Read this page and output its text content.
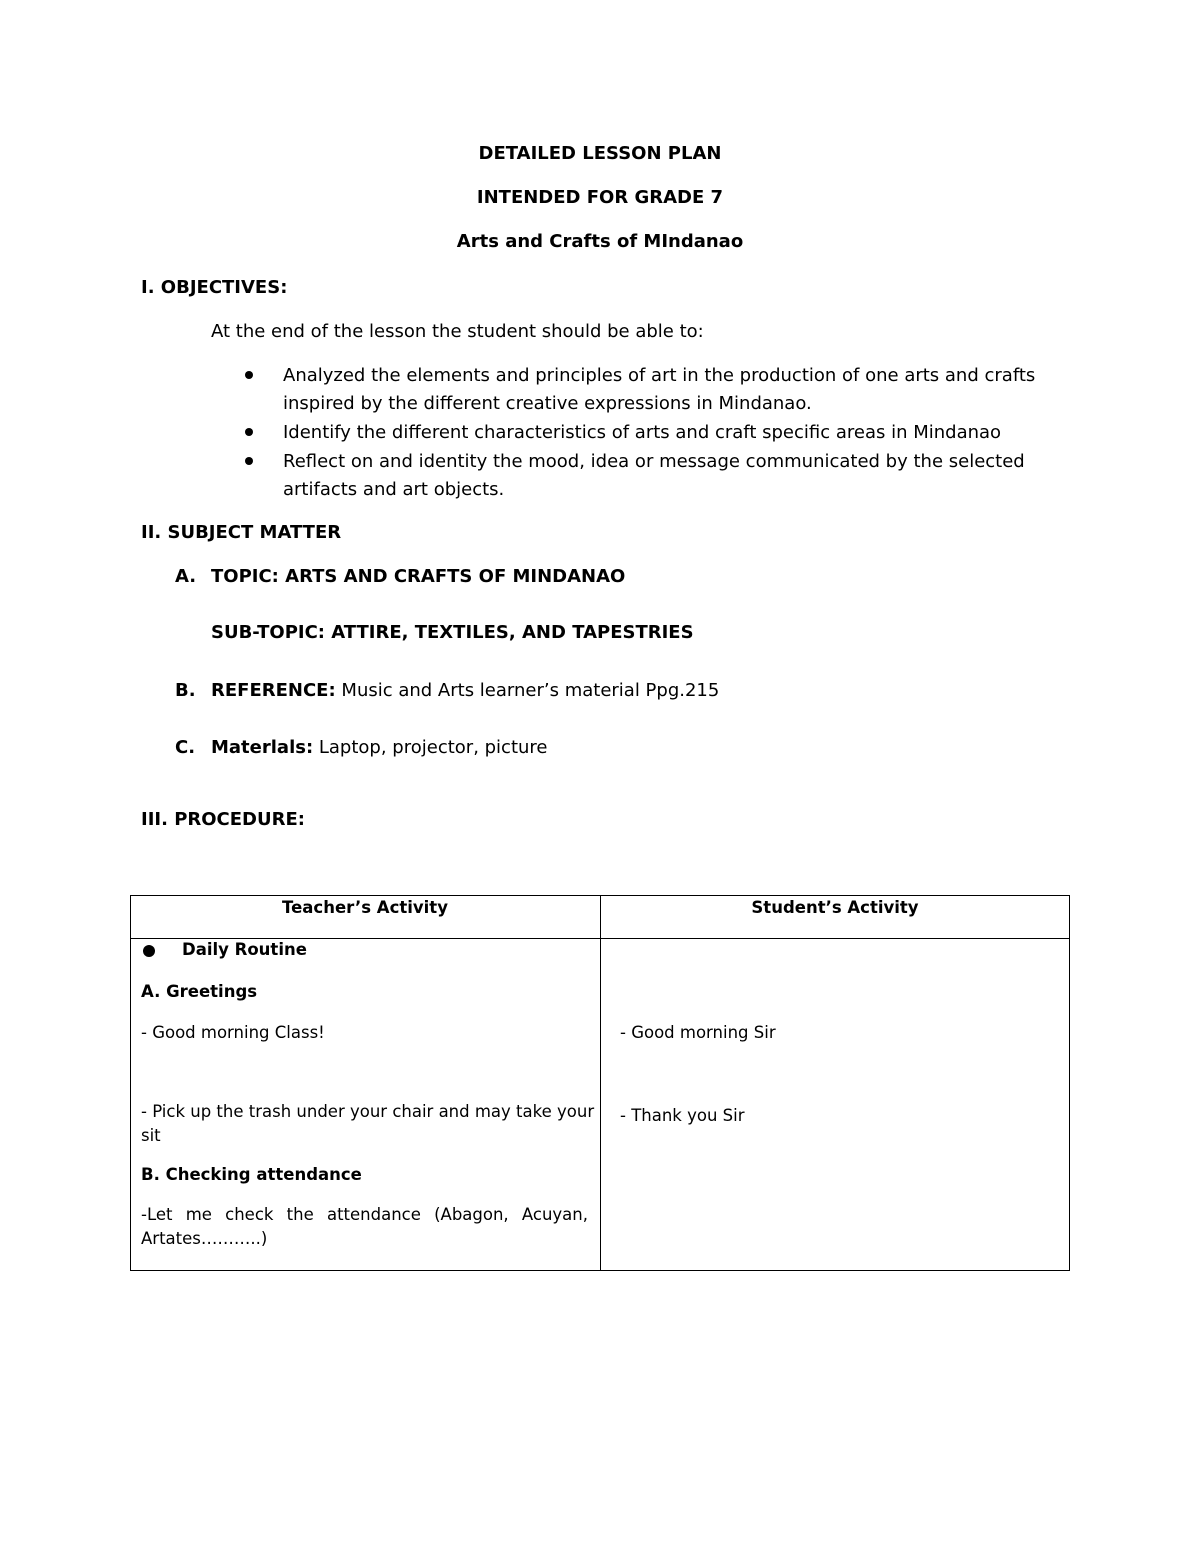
DETAILED LESSON PLAN
INTENDED FOR GRADE 7
Arts and Crafts of MIndanao
I. OBJECTIVES:
At the end of the lesson the student should be able to:
Analyzed the elements and principles of art in the production of one arts and crafts
inspired by the different creative expressions in Mindanao.
Identify the different characteristics of arts and craft specific areas in Mindanao
Reflect on and identity the mood, idea or message communicated by the selected
artifacts and art objects.
II. SUBJECT MATTER
A. TOPIC: ARTS AND CRAFTS OF MINDANAO
SUB-TOPIC: ATTIRE, TEXTILES, AND TAPESTRIES
B. REFERENCE: Music and Arts learner’s material Ppg.215
C. Materlals: Laptop, projector, picture
III. PROCEDURE:
Teacher’s Activity	Student’s Activity
Daily Routine
A. Greetings
- Good morning Class!	- Good morning Sir
- Pick up the trash under your chair and may take your
sit
- Thank you Sir
B. Checking attendance
-Let me check the attendance (Abagon, Acuyan,
Artates………..)
